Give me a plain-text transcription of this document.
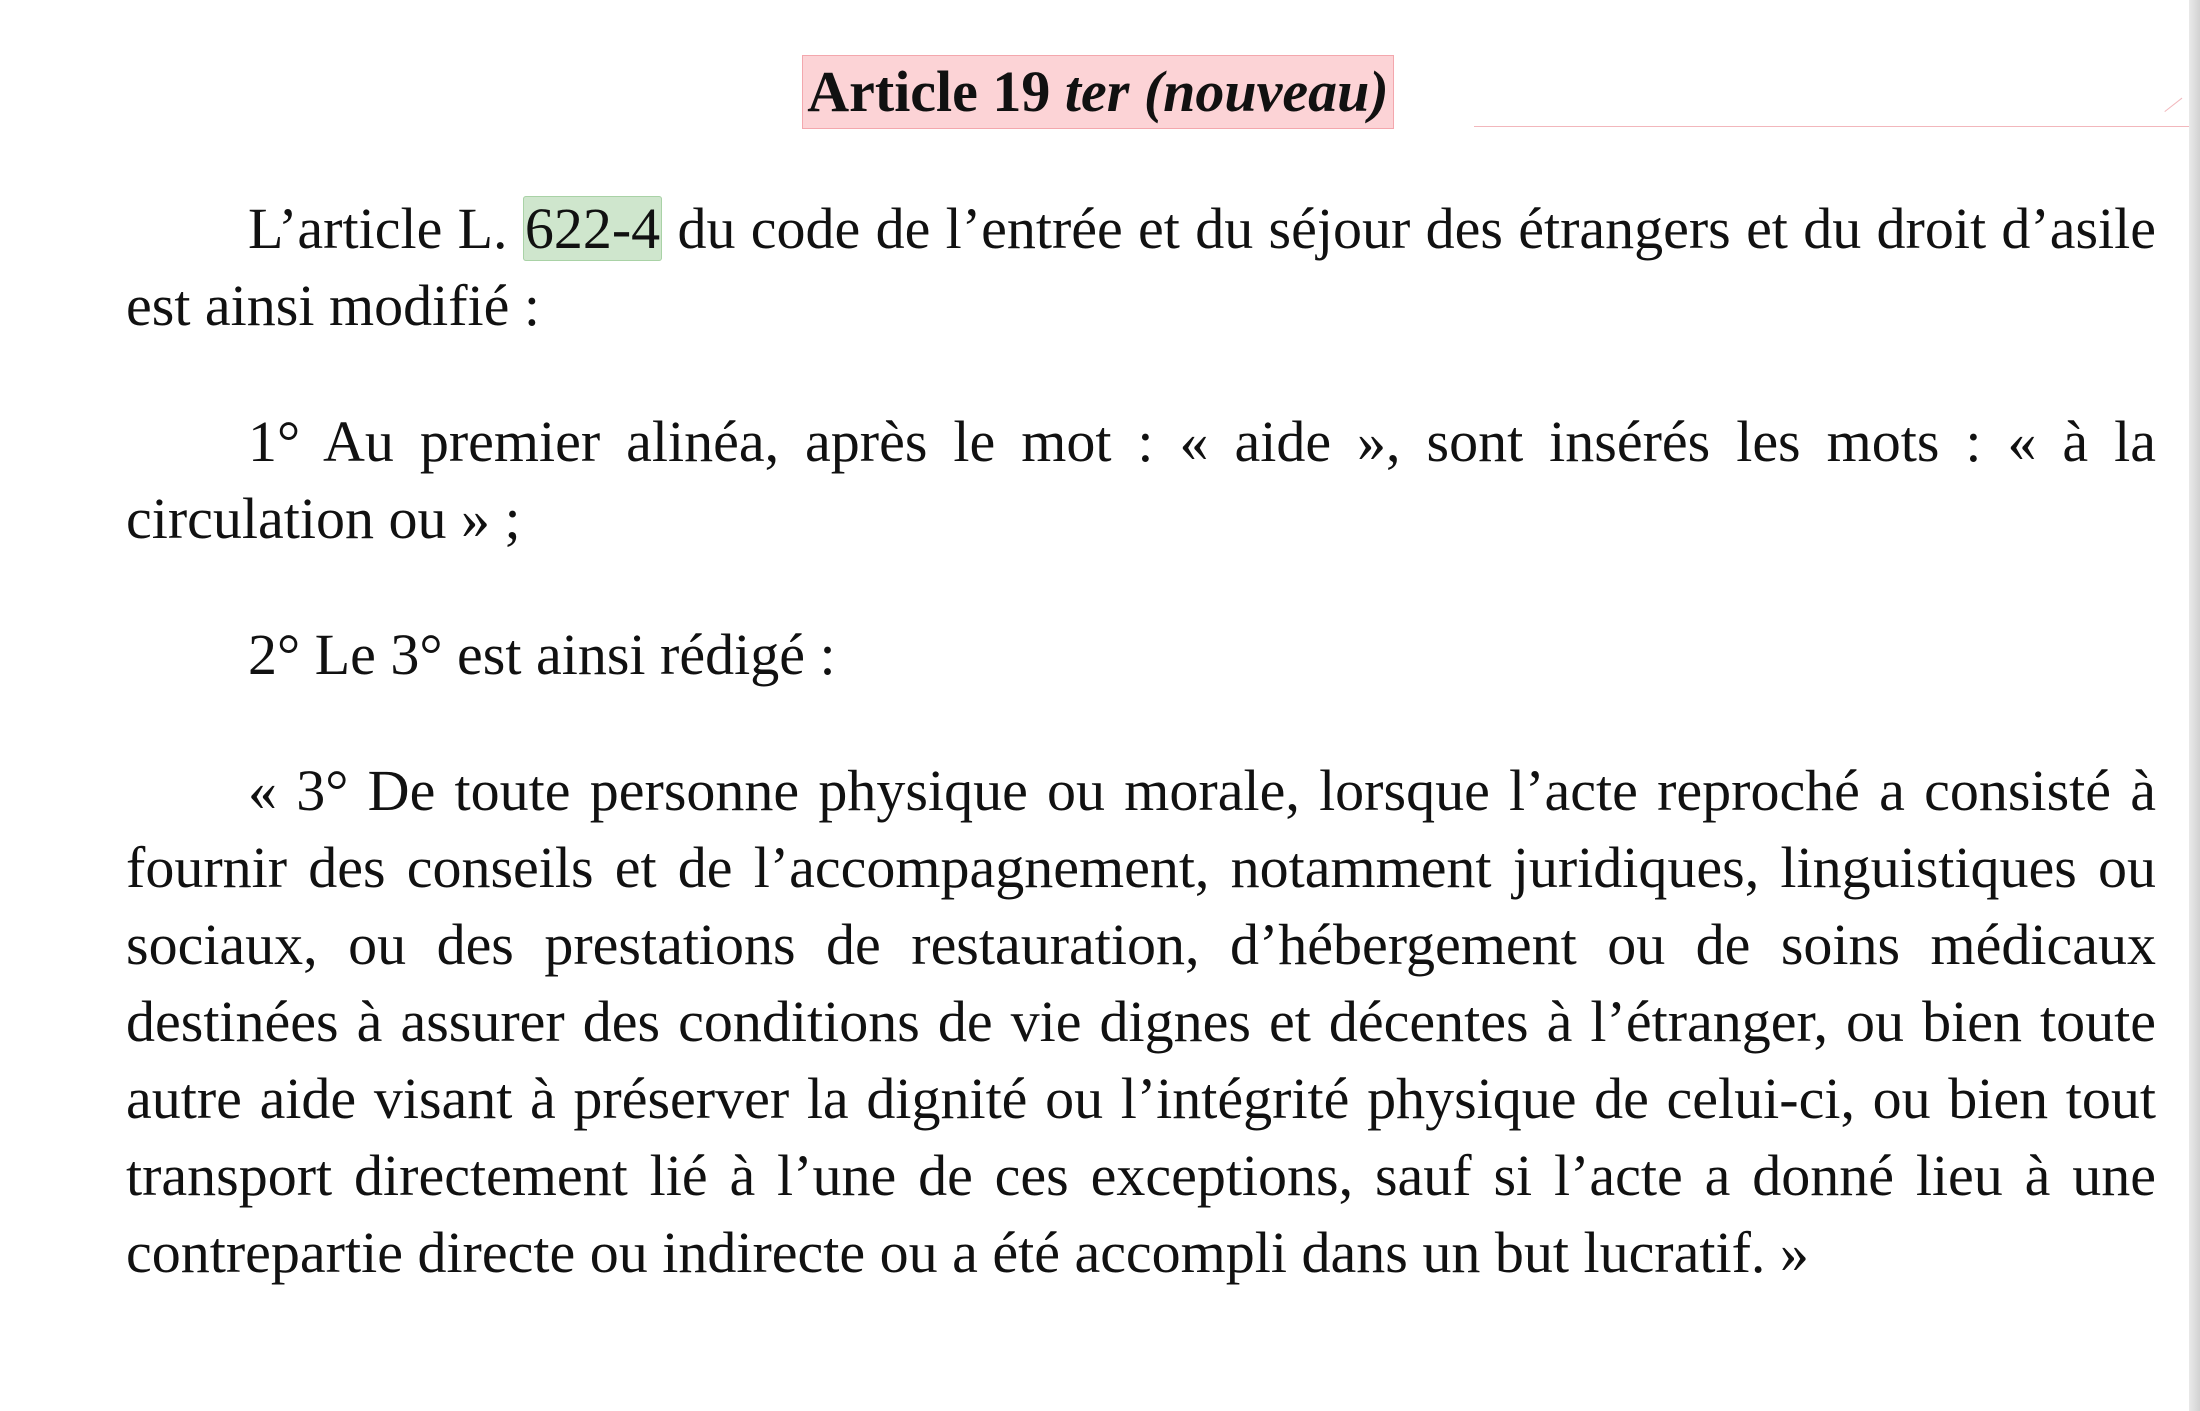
Article 19 ter (nouveau)

L’article L. 622-4 du code de l’entrée et du séjour des étrangers et du droit d’asile est ainsi modifié :

1° Au premier alinéa, après le mot : « aide », sont insérés les mots : « à la circulation ou » ;

2° Le 3° est ainsi rédigé :

« 3° De toute personne physique ou morale, lorsque l’acte reproché a consisté à fournir des conseils et de l’accompagnement, notamment juridiques, linguistiques ou sociaux, ou des prestations de restauration, d’hébergement ou de soins médicaux destinées à assurer des conditions de vie dignes et décentes à l’étranger, ou bien toute autre aide visant à préserver la dignité ou l’intégrité physique de celui-ci, ou bien tout transport directement lié à l’une de ces exceptions, sauf si l’acte a donné lieu à une contrepartie directe ou indirecte ou a été accompli dans un but lucratif. »
